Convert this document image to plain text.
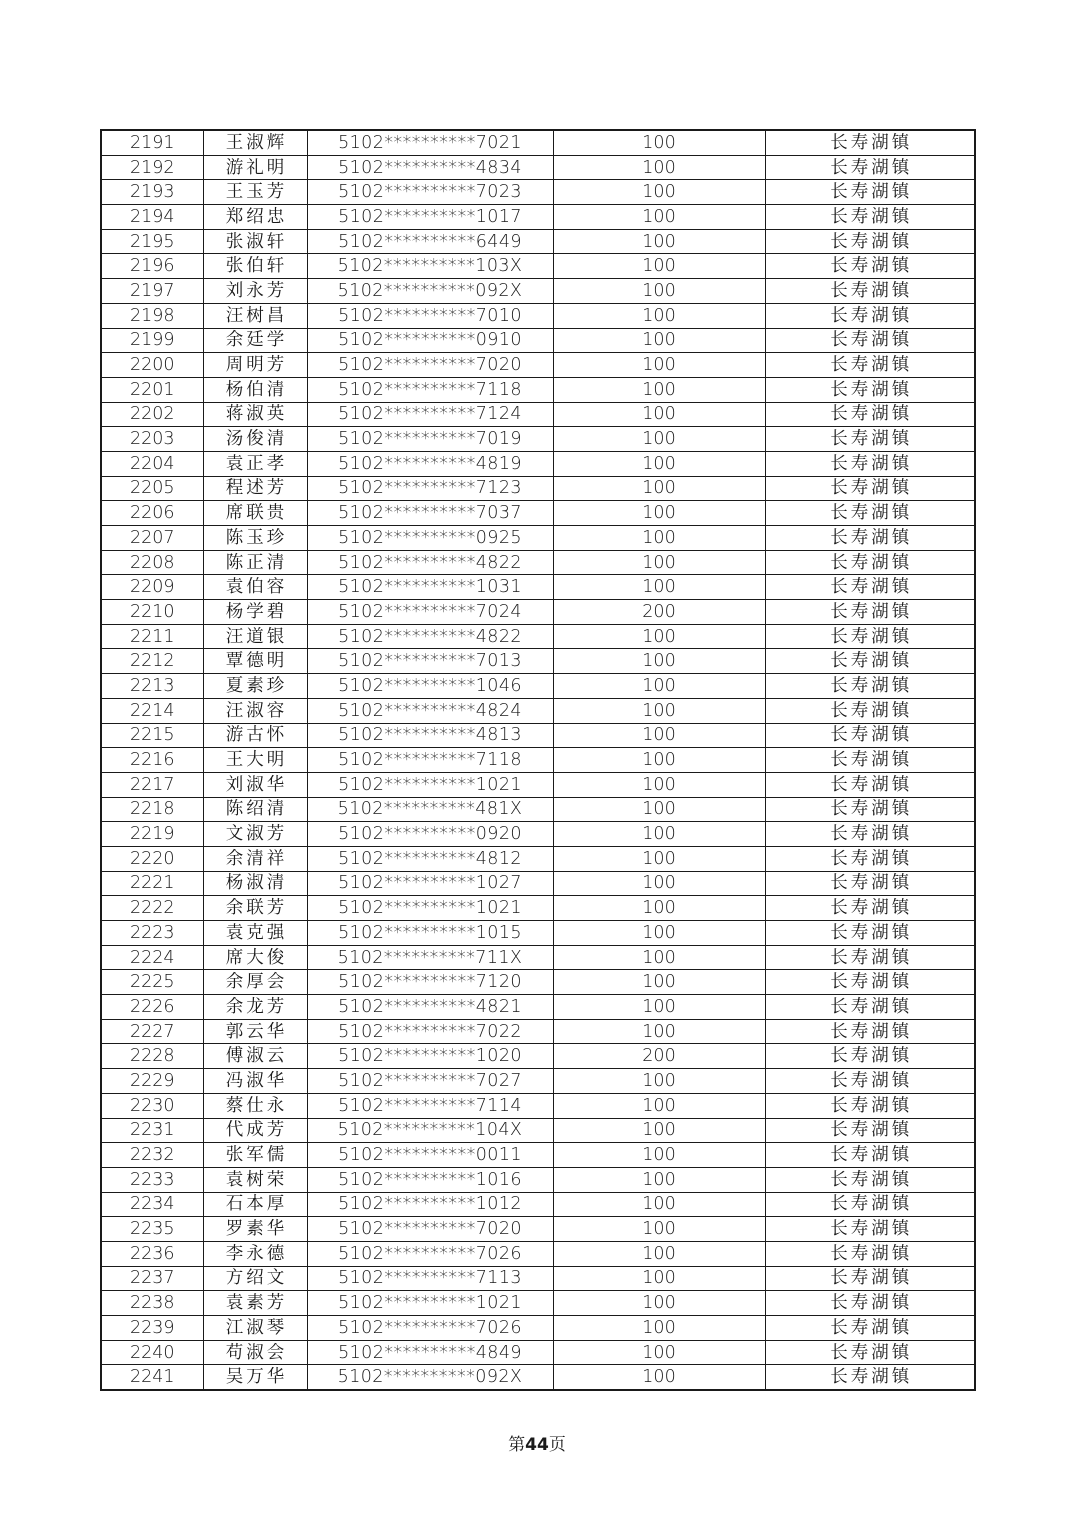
2191	王淑辉	5102**********7021	100	长寿湖镇
2192	游礼明	5102**********4834	100	长寿湖镇
2193	王玉芳	5102**********7023	100	长寿湖镇
2194	郑绍忠	5102**********1017	100	长寿湖镇
2195	张淑轩	5102**********6449	100	长寿湖镇
2196	张伯轩	5102**********103X	100	长寿湖镇
2197	刘永芳	5102**********092X	100	长寿湖镇
2198	汪树昌	5102**********7010	100	长寿湖镇
2199	余廷学	5102**********0910	100	长寿湖镇
2200	周明芳	5102**********7020	100	长寿湖镇
2201	杨伯清	5102**********7118	100	长寿湖镇
2202	蒋淑英	5102**********7124	100	长寿湖镇
2203	汤俊清	5102**********7019	100	长寿湖镇
2204	袁正孝	5102**********4819	100	长寿湖镇
2205	程述芳	5102**********7123	100	长寿湖镇
2206	席联贵	5102**********7037	100	长寿湖镇
2207	陈玉珍	5102**********0925	100	长寿湖镇
2208	陈正清	5102**********4822	100	长寿湖镇
2209	袁伯容	5102**********1031	100	长寿湖镇
2210	杨学碧	5102**********7024	200	长寿湖镇
2211	汪道银	5102**********4822	100	长寿湖镇
2212	覃德明	5102**********7013	100	长寿湖镇
2213	夏素珍	5102**********1046	100	长寿湖镇
2214	汪淑容	5102**********4824	100	长寿湖镇
2215	游古怀	5102**********4813	100	长寿湖镇
2216	王大明	5102**********7118	100	长寿湖镇
2217	刘淑华	5102**********1021	100	长寿湖镇
2218	陈绍清	5102**********481X	100	长寿湖镇
2219	文淑芳	5102**********0920	100	长寿湖镇
2220	余清祥	5102**********4812	100	长寿湖镇
2221	杨淑清	5102**********1027	100	长寿湖镇
2222	余联芳	5102**********1021	100	长寿湖镇
2223	袁克强	5102**********1015	100	长寿湖镇
2224	席大俊	5102**********711X	100	长寿湖镇
2225	余厚会	5102**********7120	100	长寿湖镇
2226	余龙芳	5102**********4821	100	长寿湖镇
2227	郭云华	5102**********7022	100	长寿湖镇
2228	傅淑云	5102**********1020	200	长寿湖镇
2229	冯淑华	5102**********7027	100	长寿湖镇
2230	蔡仕永	5102**********7114	100	长寿湖镇
2231	代成芳	5102**********104X	100	长寿湖镇
2232	张军儒	5102**********0011	100	长寿湖镇
2233	袁树荣	5102**********1016	100	长寿湖镇
2234	石本厚	5102**********1012	100	长寿湖镇
2235	罗素华	5102**********7020	100	长寿湖镇
2236	李永德	5102**********7026	100	长寿湖镇
2237	方绍文	5102**********7113	100	长寿湖镇
2238	袁素芳	5102**********1021	100	长寿湖镇
2239	江淑琴	5102**********7026	100	长寿湖镇
2240	苟淑会	5102**********4849	100	长寿湖镇
2241	吴万华	5102**********092X	100	长寿湖镇
第44页
